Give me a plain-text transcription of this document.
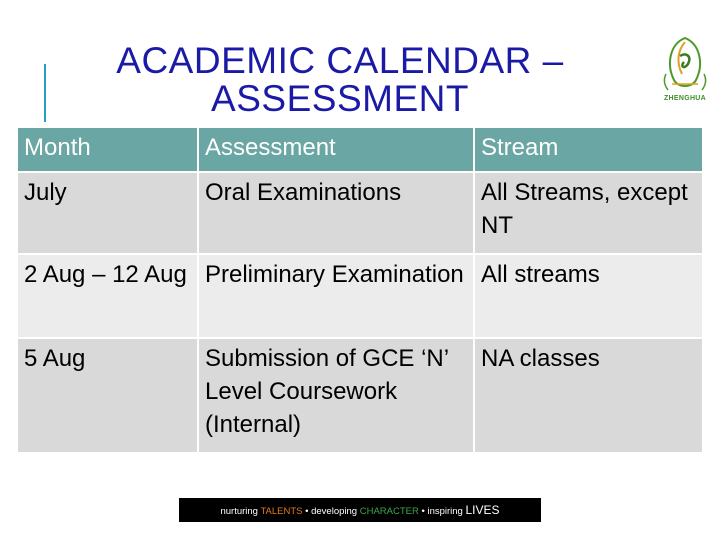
ACADEMIC CALENDAR –
ASSESSMENT	ZHENGHUA
Month	Assessment	Stream
July	Oral Examinations	All Streams, except NT
2 Aug – 12 Aug	Preliminary Examination	All streams
5 Aug	Submission of GCE ‘N’ Level Coursework (Internal)	NA classes
nurturing TALENTS • developing CHARACTER • inspiring LIVES
